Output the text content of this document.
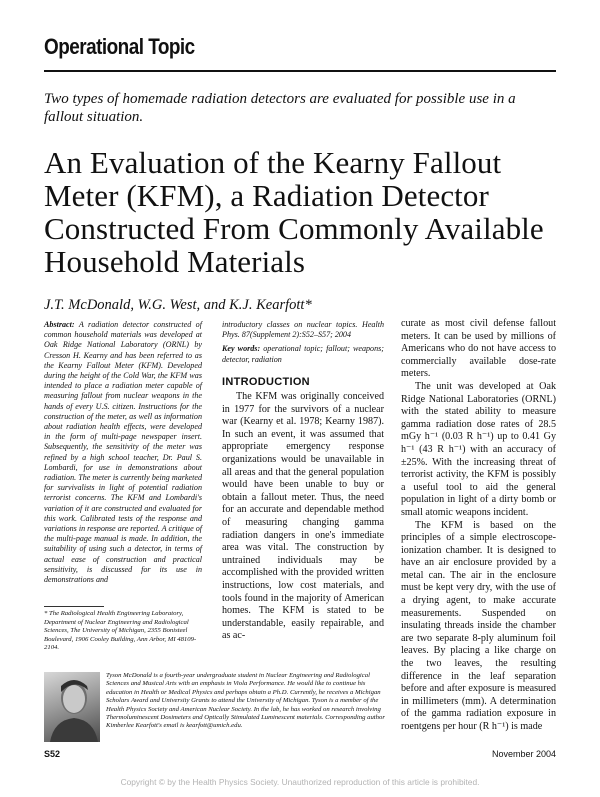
Operational Topic
Two types of homemade radiation detectors are evaluated for possible use in a fallout situation.
An Evaluation of the Kearny Fallout Meter (KFM), a Radiation Detector Constructed From Commonly Available Household Materials
J.T. McDonald, W.G. West, and K.J. Kearfott*

Abstract: A radiation detector constructed of common household materials was developed at Oak Ridge National Laboratory (ORNL) by Cresson H. Kearny and has been referred to as the Kearny Fallout Meter (KFM). Developed during the height of the Cold War, the KFM was intended to place a radiation meter capable of measuring fallout from nuclear weapons in the hands of every U.S. citizen. Instructions for the construction of the meter, as well as information about radiation health effects, were developed in the form of multi-page newspaper insert. Subsequently, the sensitivity of the meter was refined by a high school teacher, Dr. Paul S. Lombardi, for use in demonstrations about radiation. The meter is currently being marketed for survivalists in light of potential radiation terrorist concerns. The KFM and Lombardi's variation of it are constructed and evaluated for this work. Calibrated tests of the response and variations in response are reported. A critique of the multi-page manual is made. In addition, the suitability of using such a detector, in terms of actual ease of construction and practical sensitivity, is discussed for its use in demonstrations and

introductory classes on nuclear topics. Health Phys. 87(Supplement 2):S52–S57; 2004

Key words: operational topic; fallout; weapons; detector, radiation

INTRODUCTION

The KFM was originally conceived in 1977 for the survivors of a nuclear war (Kearny et al. 1978; Kearny 1987). In such an event, it was assumed that appropriate emergency response organizations would be unavailable in all areas and that the general population would have been unable to buy or obtain a fallout meter. Thus, the need for an accurate and dependable method of measuring changing gamma radiation dangers in one's immediate area was vital. The construction by untrained individuals may be accomplished with the provided written instructions, low cost materials, and tools found in the majority of American homes. The KFM is stated to be understandable, easily repairable, and as ac-

curate as most civil defense fallout meters. It can be used by millions of Americans who do not have access to commercially available dose-rate meters.

The unit was developed at Oak Ridge National Laboratories (ORNL) with the stated ability to measure gamma radiation dose rates of 28.5 mGy h⁻¹ (0.03 R h⁻¹) up to 0.41 Gy h⁻¹ (43 R h⁻¹) with an accuracy of ±25%. With the increasing threat of terrorist activity, the KFM is possibly a useful tool to aid the general population in light of a dirty bomb or small atomic weapons incident.

The KFM is based on the principles of a simple electroscope-ionization chamber. It is designed to have an air enclosure provided by a metal can. The air in the enclosure must be kept very dry, with the use of a drying agent, to make accurate measurements. Suspended on insulating threads inside the chamber are two separate 8-ply aluminum foil leaves. By placing a like charge on the two leaves, the resulting difference in the leaf separation before and after exposure is measured in millimeters (mm). A determination of the gamma radiation exposure in roentgens per hour (R h⁻¹) is made

* The Radiological Health Engineering Laboratory, Department of Nuclear Engineering and Radiological Sciences, The University of Michigan, 2355 Bonisteel Boulevard, 1906 Cooley Building, Ann Arbor, MI 48109-2104.
Tyson McDonald is a fourth-year undergraduate student in Nuclear Engineering and Radiological Sciences and Musical Arts with an emphasis in Viola Performance. He would like to continue his education in Health or Medical Physics and perhaps obtain a Ph.D. Currently, he receives a Michigan Scholars Award and University Grants to attend the University of Michigan. Tyson is a member of the Health Physics Society and American Nuclear Society. In the lab, he has worked on research involving Thermoluminescent Dosimeters and Optically Stimulated Luminescent materials. Corresponding author Kimberlee Kearfott's email is kearfott@umich.edu.
S52	November 2004
Copyright © by the Health Physics Society. Unauthorized reproduction of this article is prohibited.
